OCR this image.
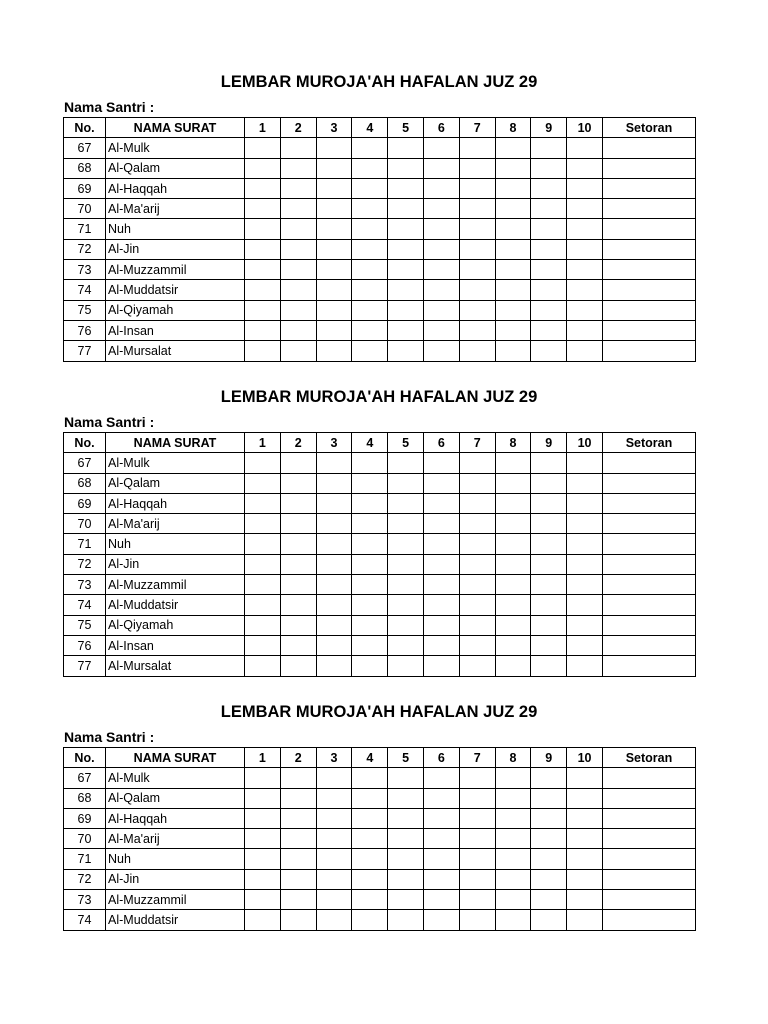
LEMBAR MUROJA'AH HAFALAN JUZ 29
Nama Santri :
No.	NAMA SURAT	1	2	3	4	5	6	7	8	9	10	Setoran
67	Al-Mulk											
68	Al-Qalam											
69	Al-Haqqah											
70	Al-Ma'arij											
71	Nuh											
72	Al-Jin											
73	Al-Muzzammil											
74	Al-Muddatsir											
75	Al-Qiyamah											
76	Al-Insan											
77	Al-Mursalat											
LEMBAR MUROJA'AH HAFALAN JUZ 29
Nama Santri :
No.	NAMA SURAT	1	2	3	4	5	6	7	8	9	10	Setoran
67	Al-Mulk											
68	Al-Qalam											
69	Al-Haqqah											
70	Al-Ma'arij											
71	Nuh											
72	Al-Jin											
73	Al-Muzzammil											
74	Al-Muddatsir											
75	Al-Qiyamah											
76	Al-Insan											
77	Al-Mursalat											
LEMBAR MUROJA'AH HAFALAN JUZ 29
Nama Santri :
No.	NAMA SURAT	1	2	3	4	5	6	7	8	9	10	Setoran
67	Al-Mulk											
68	Al-Qalam											
69	Al-Haqqah											
70	Al-Ma'arij											
71	Nuh											
72	Al-Jin											
73	Al-Muzzammil											
74	Al-Muddatsir											
